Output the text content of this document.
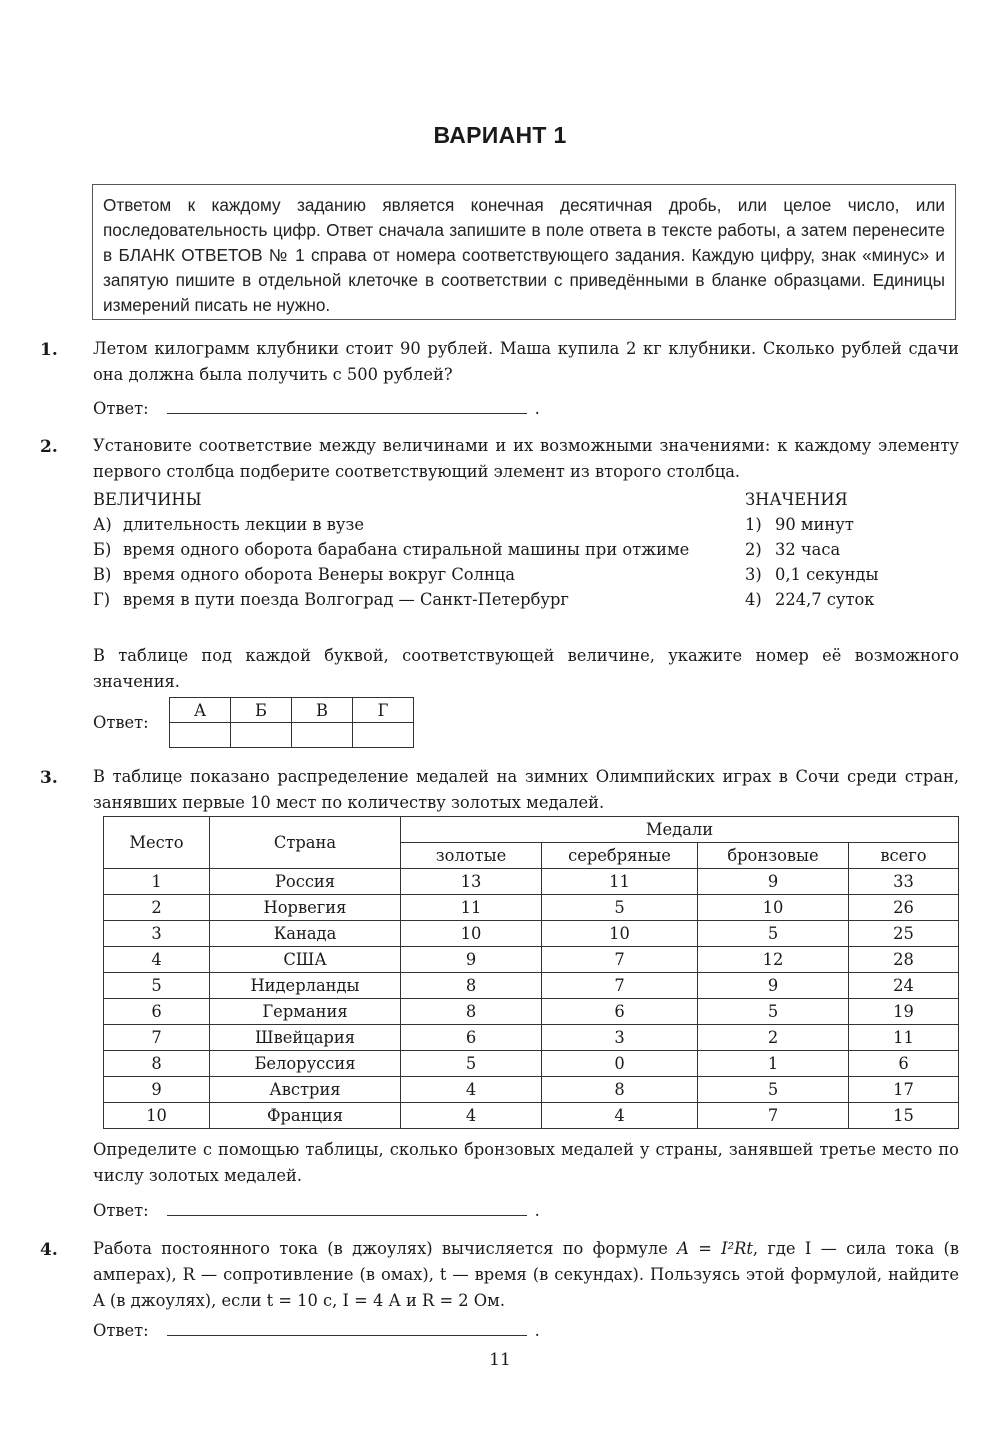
ВАРИАНТ 1
Ответом к каждому заданию является конечная десятичная дробь, или целое число, или последовательность цифр. Ответ сначала запишите в поле ответа в тексте работы, а затем перенесите в БЛАНК ОТВЕТОВ № 1 справа от номера соответствующего задания. Каждую цифру, знак «минус» и запятую пишите в отдельной клеточке в соответствии с приведёнными в бланке образцами. Единицы измерений писать не нужно.
1. Летом килограмм клубники стоит 90 рублей. Маша купила 2 кг клубники. Сколько рублей сдачи она должна была получить с 500 рублей?
Ответ:	.
2. Установите соответствие между величинами и их возможными значениями: к каждому элементу первого столбца подберите соответствующий элемент из второго столбца.
ВЕЛИЧИНЫ
А) длительность лекции в вузе
Б) время одного оборота барабана стиральной машины при отжиме
В) время одного оборота Венеры вокруг Солнца
Г) время в пути поезда Волгоград — Санкт-Петербург
ЗНАЧЕНИЯ
1) 90 минут
2) 32 часа
3) 0,1 секунды
4) 224,7 суток
В таблице под каждой буквой, соответствующей величине, укажите номер её возможного значения.
Ответ:
А	Б	В	Г

3. В таблице показано распределение медалей на зимних Олимпийских играх в Сочи среди стран, занявших первые 10 мест по количеству золотых медалей.
Место	Страна	Медали			
		золотые	серебряные	бронзовые	всего
1	Россия	13	11	9	33
2	Норвегия	11	5	10	26
3	Канада	10	10	5	25
4	США	9	7	12	28
5	Нидерланды	8	7	9	24
6	Германия	8	6	5	19
7	Швейцария	6	3	2	11
8	Белоруссия	5	0	1	6
9	Австрия	4	8	5	17
10	Франция	4	4	7	15
Определите с помощью таблицы, сколько бронзовых медалей у страны, занявшей третье место по числу золотых медалей.
Ответ:	.
4. Работа постоянного тока (в джоулях) вычисляется по формуле A = I²Rt, где I — сила тока (в амперах), R — сопротивление (в омах), t — время (в секундах). Пользуясь этой формулой, найдите A (в джоулях), если t = 10 с, I = 4 А и R = 2 Ом.
Ответ:	.
11
